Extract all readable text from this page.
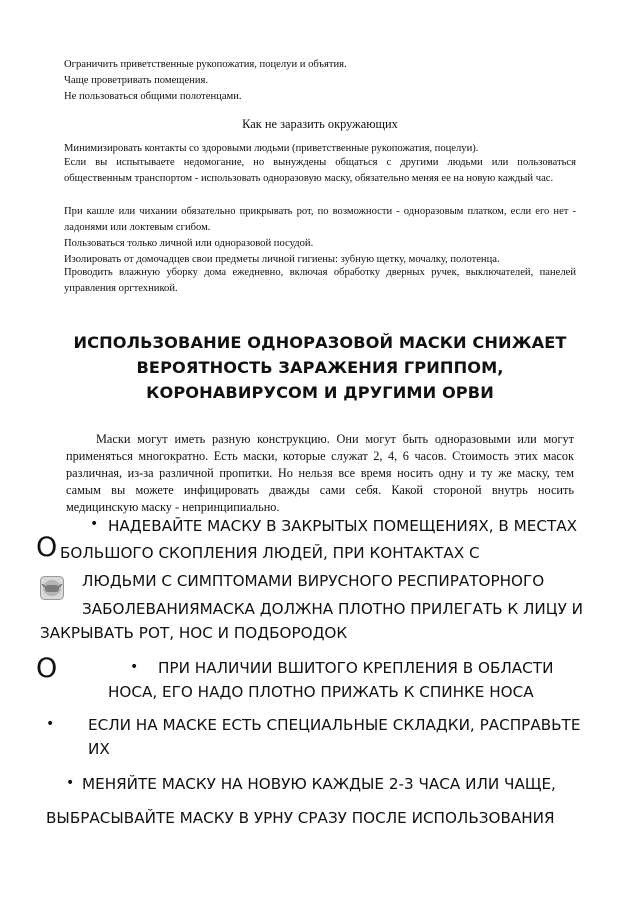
Ограничить приветственные рукопожатия, поцелуи и объятия.
Чаще проветривать помещения.
Не пользоваться общими полотенцами.
Как не заразить окружающих
Минимизировать контакты со здоровыми людьми (приветственные рукопожатия, поцелуи).
Если вы испытываете недомогание, но вынуждены общаться с другими людьми или пользоваться общественным транспортом - использовать одноразовую маску, обязательно меняя ее на новую каждый час.
При кашле или чихании обязательно прикрывать рот, по возможности - одноразовым платком, если его нет - ладонями или локтевым сгибом.
Пользоваться только личной или одноразовой посудой.
Изолировать от домочадцев свои предметы личной гигиены: зубную щетку, мочалку, полотенца.
Проводить влажную уборку дома ежедневно, включая обработку дверных ручек, выключателей, панелей управления оргтехникой.
ИСПОЛЬЗОВАНИЕ ОДНОРАЗОВОЙ МАСКИ СНИЖАЕТ ВЕРОЯТНОСТЬ ЗАРАЖЕНИЯ ГРИППОМ, КОРОНАВИРУСОМ И ДРУГИМИ ОРВИ
Маски могут иметь разную конструкцию. Они могут быть одноразовыми или могут применяться многократно. Есть маски, которые служат 2, 4, 6 часов. Стоимость этих масок различная, из-за различной пропитки. Но нельзя все время носить одну и ту же маску, тем самым вы можете инфицировать дважды сами себя. Какой стороной внутрь носить медицинскую маску - непринципиально.
• НАДЕВАЙТЕ МАСКУ В ЗАКРЫТЫХ ПОМЕЩЕНИЯХ, В МЕСТАХ
O БОЛЬШОГО СКОПЛЕНИЯ ЛЮДЕЙ, ПРИ КОНТАКТАХ С
ЛЮДЬМИ С СИМПТОМАМИ ВИРУСНОГО РЕСПИРАТОРНОГО
ЗАБОЛЕВАНИЯМАСКА ДОЛЖНА ПЛОТНО ПРИЛЕГАТЬ К ЛИЦУ И
ЗАКРЫВАТЬ РОТ, НОС И ПОДБОРОДОК
O	• ПРИ НАЛИЧИИ ВШИТОГО КРЕПЛЕНИЯ В ОБЛАСТИ
НОСА, ЕГО НАДО ПЛОТНО ПРИЖАТЬ К СПИНКЕ НОСА
• ЕСЛИ НА МАСКЕ ЕСТЬ СПЕЦИАЛЬНЫЕ СКЛАДКИ, РАСПРАВЬТЕ
ИХ
• МЕНЯЙТЕ МАСКУ НА НОВУЮ КАЖДЫЕ 2-3 ЧАСА ИЛИ ЧАЩЕ,
ВЫБРАСЫВАЙТЕ МАСКУ В УРНУ СРАЗУ ПОСЛЕ ИСПОЛЬЗОВАНИЯ
